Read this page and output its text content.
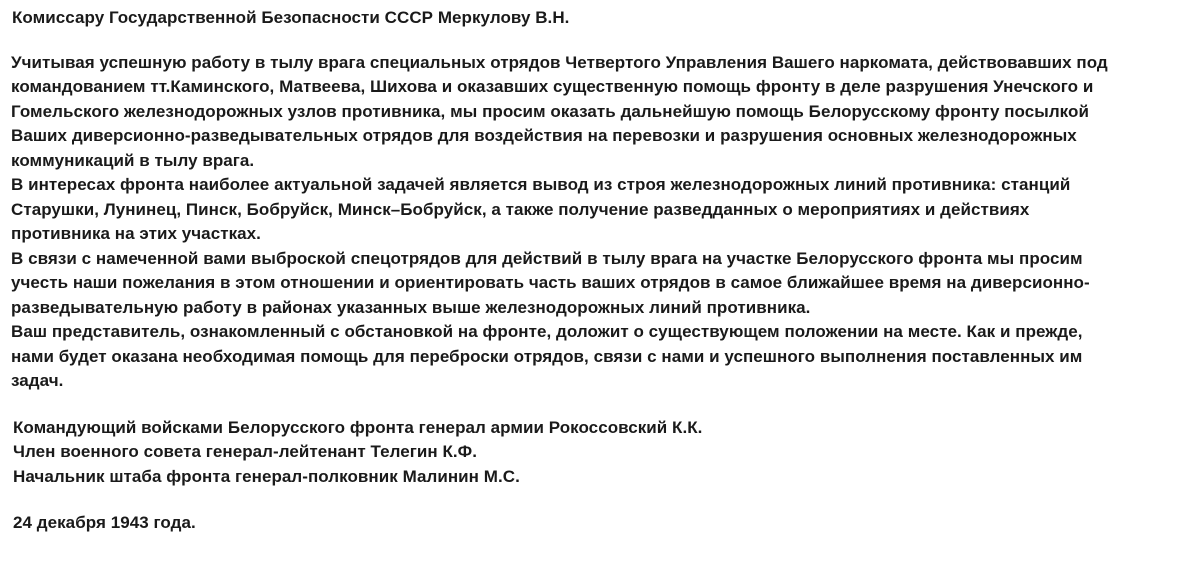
Комиссару Государственной Безопасности СССР Меркулову В.Н.
Учитывая успешную работу в тылу врага специальных отрядов Четвертого Управления Вашего наркомата, действовавших под
командованием тт.Каминского, Матвеева, Шихова и оказавших существенную помощь фронту в деле разрушения Унечского и
Гомельского железнодорожных узлов противника, мы просим оказать дальнейшую помощь Белорусскому фронту посылкой
Ваших диверсионно-разведывательных отрядов для воздействия на перевозки и разрушения основных железнодорожных
коммуникаций в тылу врага.
В интересах фронта наиболее актуальной задачей является вывод из строя железнодорожных линий противника: станций
Старушки, Лунинец, Пинск, Бобруйск, Минск–Бобруйск, а также получение разведданных о мероприятиях и действиях
противника на этих участках.
В связи с намеченной вами выброской спецотрядов для действий в тылу врага на участке Белорусского фронта мы просим
учесть наши пожелания в этом отношении и ориентировать часть ваших отрядов в самое ближайшее время на диверсионно-
разведывательную работу в районах указанных выше железнодорожных линий противника.
Ваш представитель, ознакомленный с обстановкой на фронте, доложит о существующем положении на месте. Как и прежде,
нами будет оказана необходимая помощь для переброски отрядов, связи с нами и успешного выполнения поставленных им
задач.
Командующий войсками Белорусского фронта генерал армии Рокоссовский К.К.
Член военного совета генерал-лейтенант Телегин К.Ф.
Начальник штаба фронта генерал-полковник Малинин М.С.
24 декабря 1943 года.
